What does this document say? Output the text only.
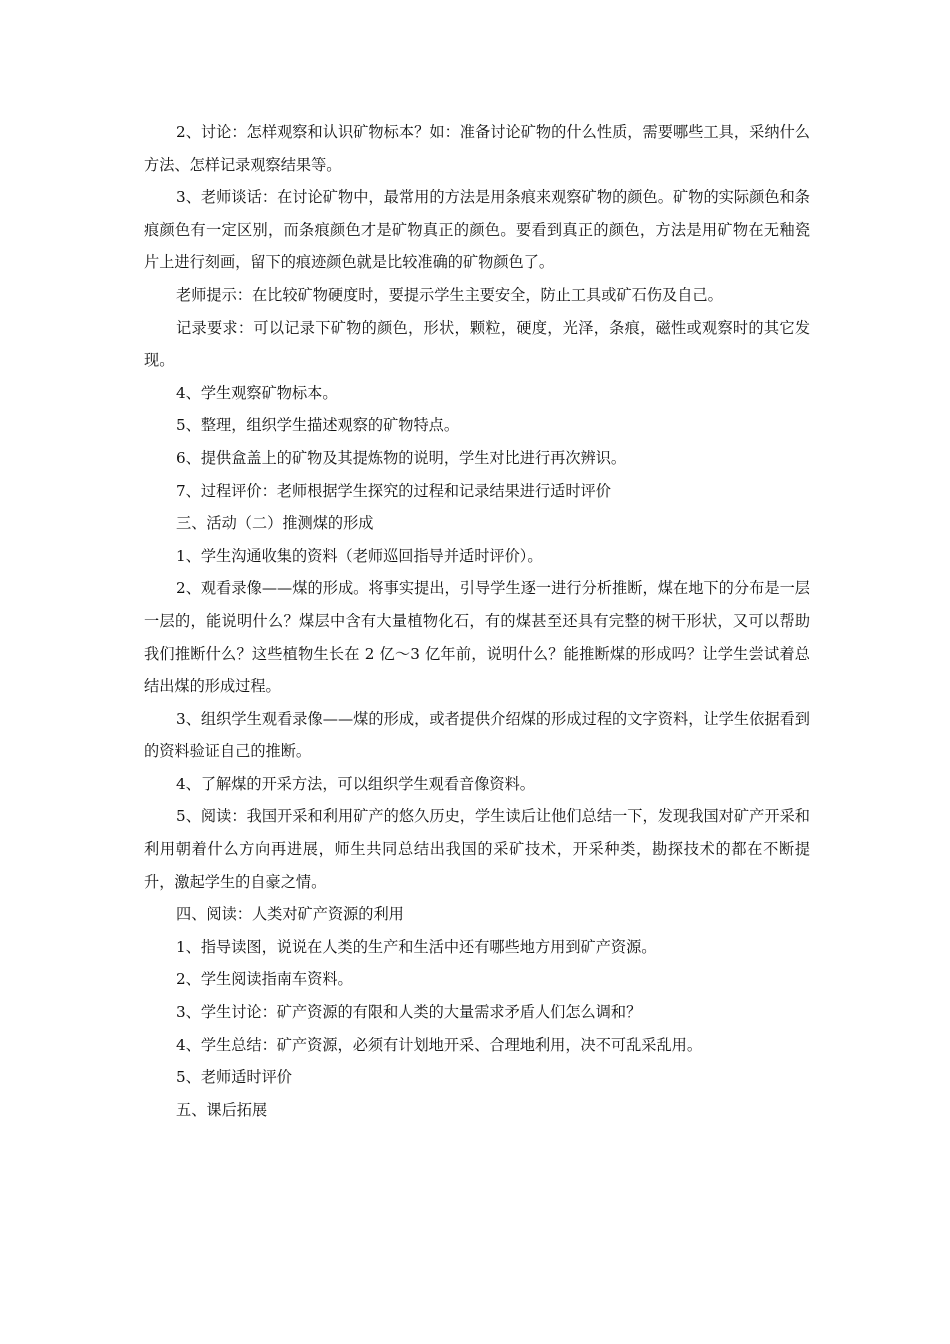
2、讨论：怎样观察和认识矿物标本？如：准备讨论矿物的什么性质，需要哪些工具，采纳什么方法、怎样记录观察结果等。

3、老师谈话：在讨论矿物中，最常用的方法是用条痕来观察矿物的颜色。矿物的实际颜色和条痕颜色有一定区别，而条痕颜色才是矿物真正的颜色。要看到真正的颜色，方法是用矿物在无釉瓷片上进行刻画，留下的痕迹颜色就是比较准确的矿物颜色了。

老师提示：在比较矿物硬度时，要提示学生主要安全，防止工具或矿石伤及自己。

记录要求：可以记录下矿物的颜色，形状，颗粒，硬度，光泽，条痕，磁性或观察时的其它发现。

4、学生观察矿物标本。

5、整理，组织学生描述观察的矿物特点。

6、提供盒盖上的矿物及其提炼物的说明，学生对比进行再次辨识。

7、过程评价：老师根据学生探究的过程和记录结果进行适时评价

三、活动（二）推测煤的形成

1、学生沟通收集的资料（老师巡回指导并适时评价）。

2、观看录像——煤的形成。将事实提出，引导学生逐一进行分析推断，煤在地下的分布是一层一层的，能说明什么？煤层中含有大量植物化石，有的煤甚至还具有完整的树干形状，又可以帮助我们推断什么？这些植物生长在 2 亿～3 亿年前，说明什么？能推断煤的形成吗？让学生尝试着总结出煤的形成过程。

3、组织学生观看录像——煤的形成，或者提供介绍煤的形成过程的文字资料，让学生依据看到的资料验证自己的推断。

4、了解煤的开采方法，可以组织学生观看音像资料。

5、阅读：我国开采和利用矿产的悠久历史，学生读后让他们总结一下，发现我国对矿产开采和利用朝着什么方向再进展，师生共同总结出我国的采矿技术，开采种类，勘探技术的都在不断提升，激起学生的自豪之情。

四、阅读：人类对矿产资源的利用

1、指导读图，说说在人类的生产和生活中还有哪些地方用到矿产资源。

2、学生阅读指南车资料。

3、学生讨论：矿产资源的有限和人类的大量需求矛盾人们怎么调和？

4、学生总结：矿产资源，必须有计划地开采、合理地利用，决不可乱采乱用。

5、老师适时评价

五、课后拓展
